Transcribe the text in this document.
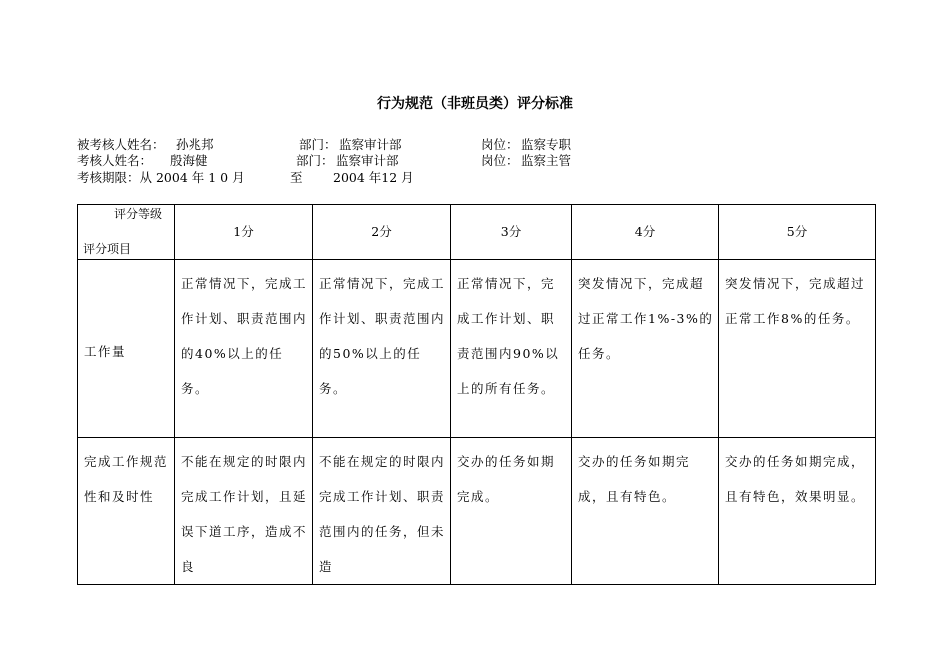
行为规范（非班员类）评分标准
被考核人姓名： 孙兆邦	部门： 监察审计部	岗位： 监察专职
考核人姓名： 殷海健	部门： 监察审计部	岗位： 监察主管
考核期限：从 2004 年 1 0 月	至 2004 年12 月
评分等级
评分项目	1分	2分	3分	4分	5分
工作量	正常情况下，完成工作计划、职责范围内的40%以上的任务。	正常情况下，完成工作计划、职责范围内的50%以上的任务。	正常情况下，完成工作计划、职责范围内90%以上的所有任务。	突发情况下，完成超过正常工作1%-3%的任务。	突发情况下，完成超过正常工作8%的任务。
完成工作规范性和及时性	不能在规定的时限内完成工作计划，且延误下道工序，造成不良	不能在规定的时限内完成工作计划、职责范围内的任务，但未造	交办的任务如期完成。	交办的任务如期完成，且有特色。	交办的任务如期完成，且有特色，效果明显。
